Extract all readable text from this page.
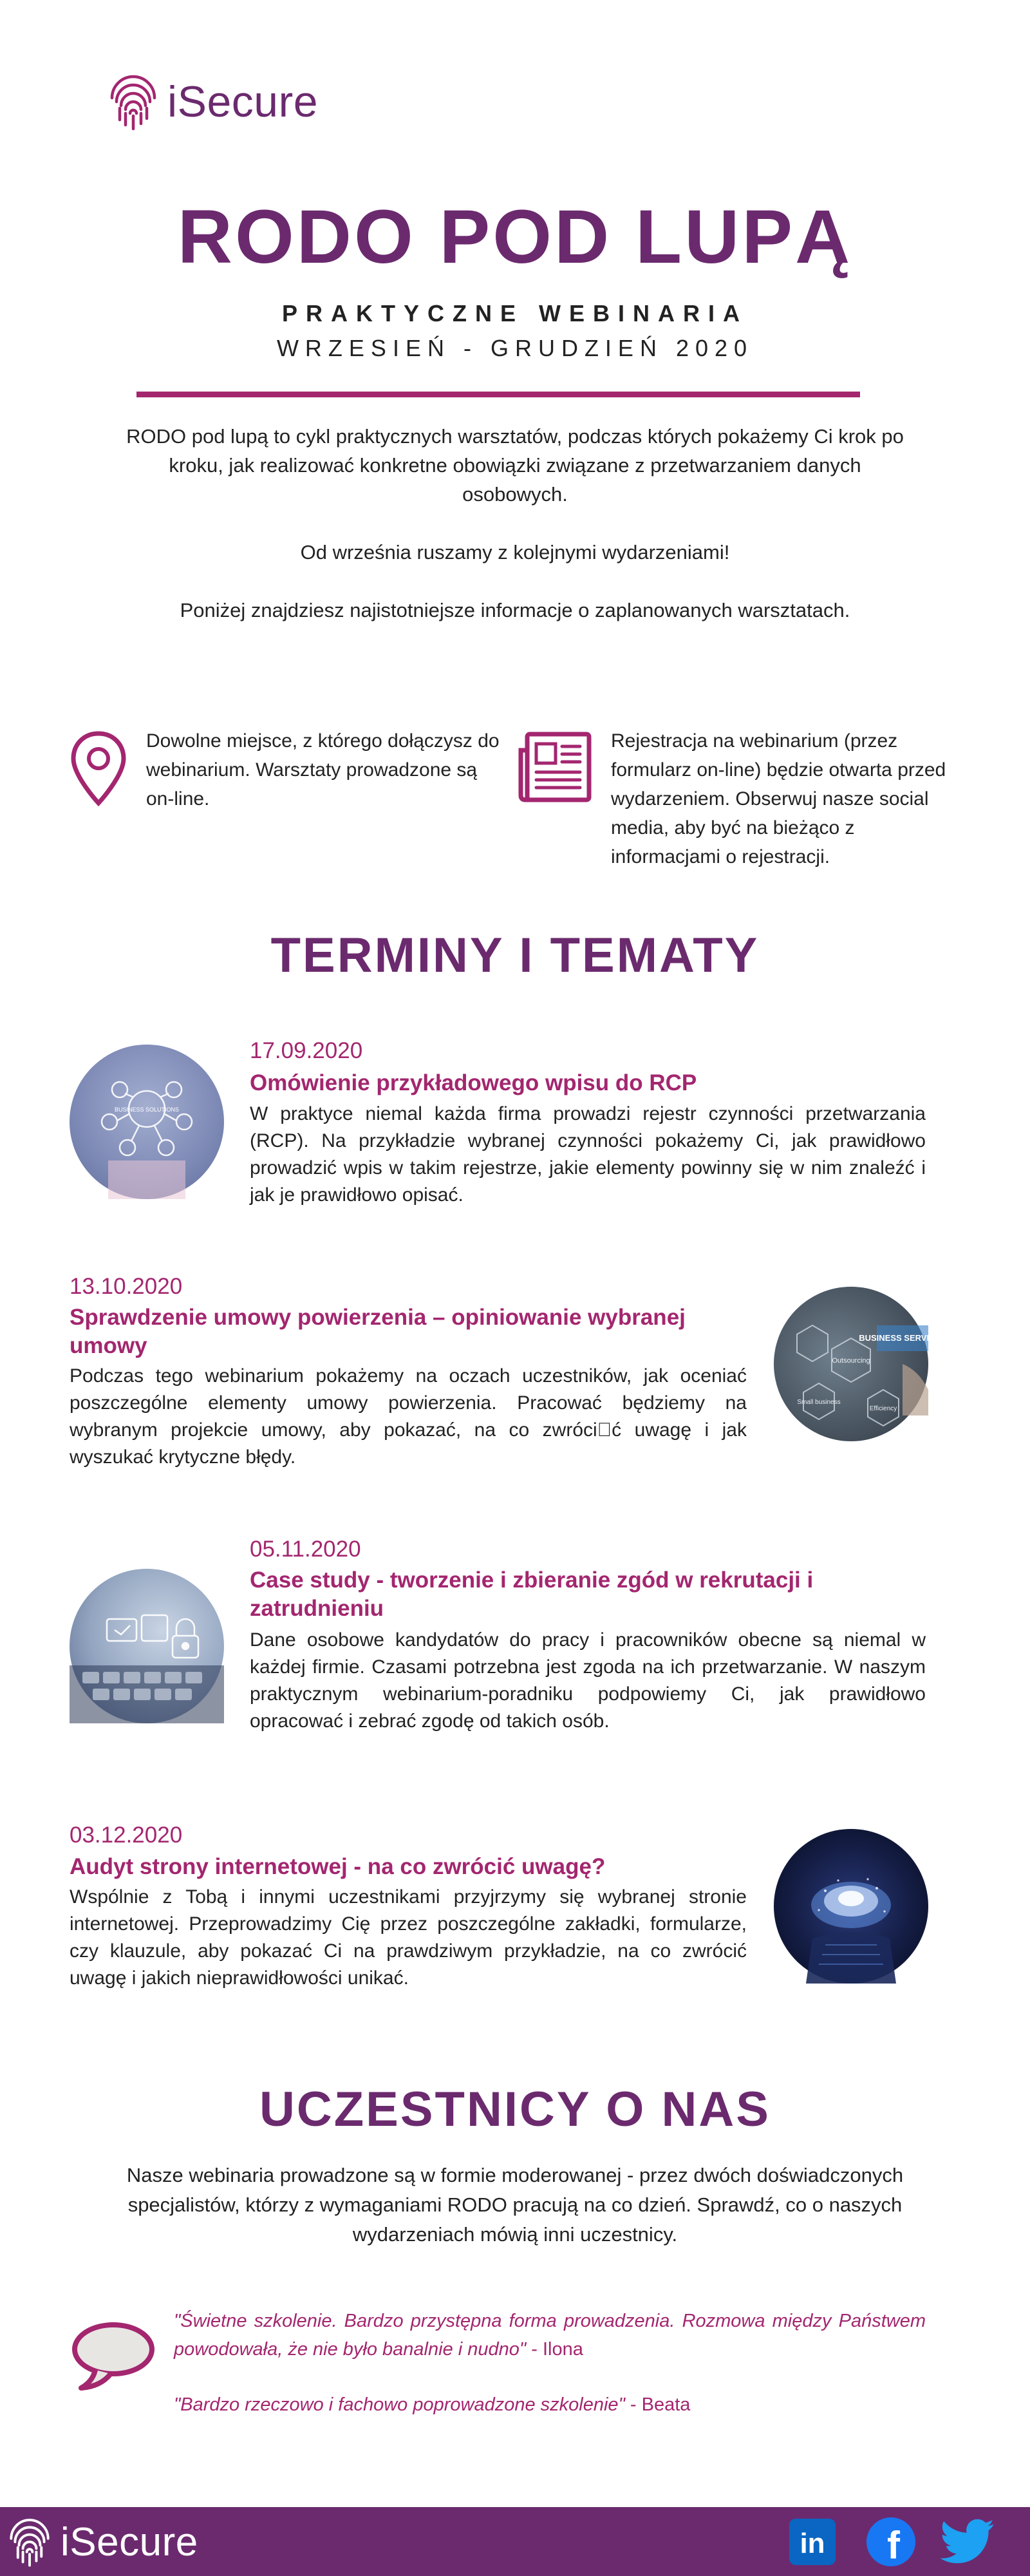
iSecure
RODO POD LUPĄ
PRAKTYCZNE WEBINARIA
WRZESIEŃ - GRUDZIEŃ 2020

RODO pod lupą to cykl praktycznych warsztatów, podczas których pokażemy Ci krok po kroku, jak realizować konkretne obowiązki związane z przetwarzaniem danych osobowych.

Od września ruszamy z kolejnymi wydarzeniami!

Poniżej znajdziesz najistotniejsze informacje o zaplanowanych warsztatach.

Dowolne miejsce, z którego dołączysz do webinarium. Warsztaty prowadzone są on-line.
Rejestracja na webinarium (przez formularz on-line) będzie otwarta przed wydarzeniem. Obserwuj nasze social media, aby być na bieżąco z informacjami o rejestracji.
TERMINY I TEMATY
BUSINESS SOLUTIONS
17.09.2020
Omówienie przykładowego wpisu do RCP
W praktyce niemal każda firma prowadzi rejestr czynności przetwarzania (RCP). Na przykładzie wybranej czynności pokażemy Ci, jak prawidłowo prowadzić wpis w takim rejestrze, jakie elementy powinny się w nim znaleźć i jak je prawidłowo opisać.
13.10.2020
Sprawdzenie umowy powierzenia – opiniowanie wybranej umowy
Podczas tego webinarium pokażemy na oczach uczestników, jak oceniać poszczególne elementy umowy powierzenia. Pracować będziemy na wybranym projekcie umowy, aby pokazać, na co zwróci􏰀ć uwagę i jak wyszukać krytyczne błędy.
Outsourcing
Small business
Efficiency
BUSINESS SERVICES
05.11.2020
Case study - tworzenie i zbieranie zgód w rekrutacji i zatrudnieniu
Dane osobowe kandydatów do pracy i pracowników obecne są niemal w każdej firmie. Czasami potrzebna jest zgoda na ich przetwarzanie. W naszym praktycznym webinarium-poradniku podpowiemy Ci, jak prawidłowo opracować i zebrać zgodę od takich osób.
03.12.2020
Audyt strony internetowej - na co zwrócić uwagę?
Wspólnie z Tobą i innymi uczestnikami przyjrzymy się wybranej stronie internetowej. Przeprowadzimy Cię przez poszczególne zakładki, formularze, czy klauzule, aby pokazać Ci na prawdziwym przykładzie, na co zwrócić uwagę i jakich nieprawidłowości unikać.
UCZESTNICY O NAS
Nasze webinaria prowadzone są w formie moderowanej - przez dwóch doświadczonych specjalistów, którzy z wymaganiami RODO pracują na co dzień. Sprawdź, co o naszych wydarzeniach mówią inni uczestnicy.
"Świetne szkolenie. Bardzo przystępna forma prowadzenia. Rozmowa między Państwem powodowała, że nie było banalnie i nudno" - Ilona
"Bardzo rzeczowo i fachowo poprowadzone szkolenie" - Beata
iSecure	in f
